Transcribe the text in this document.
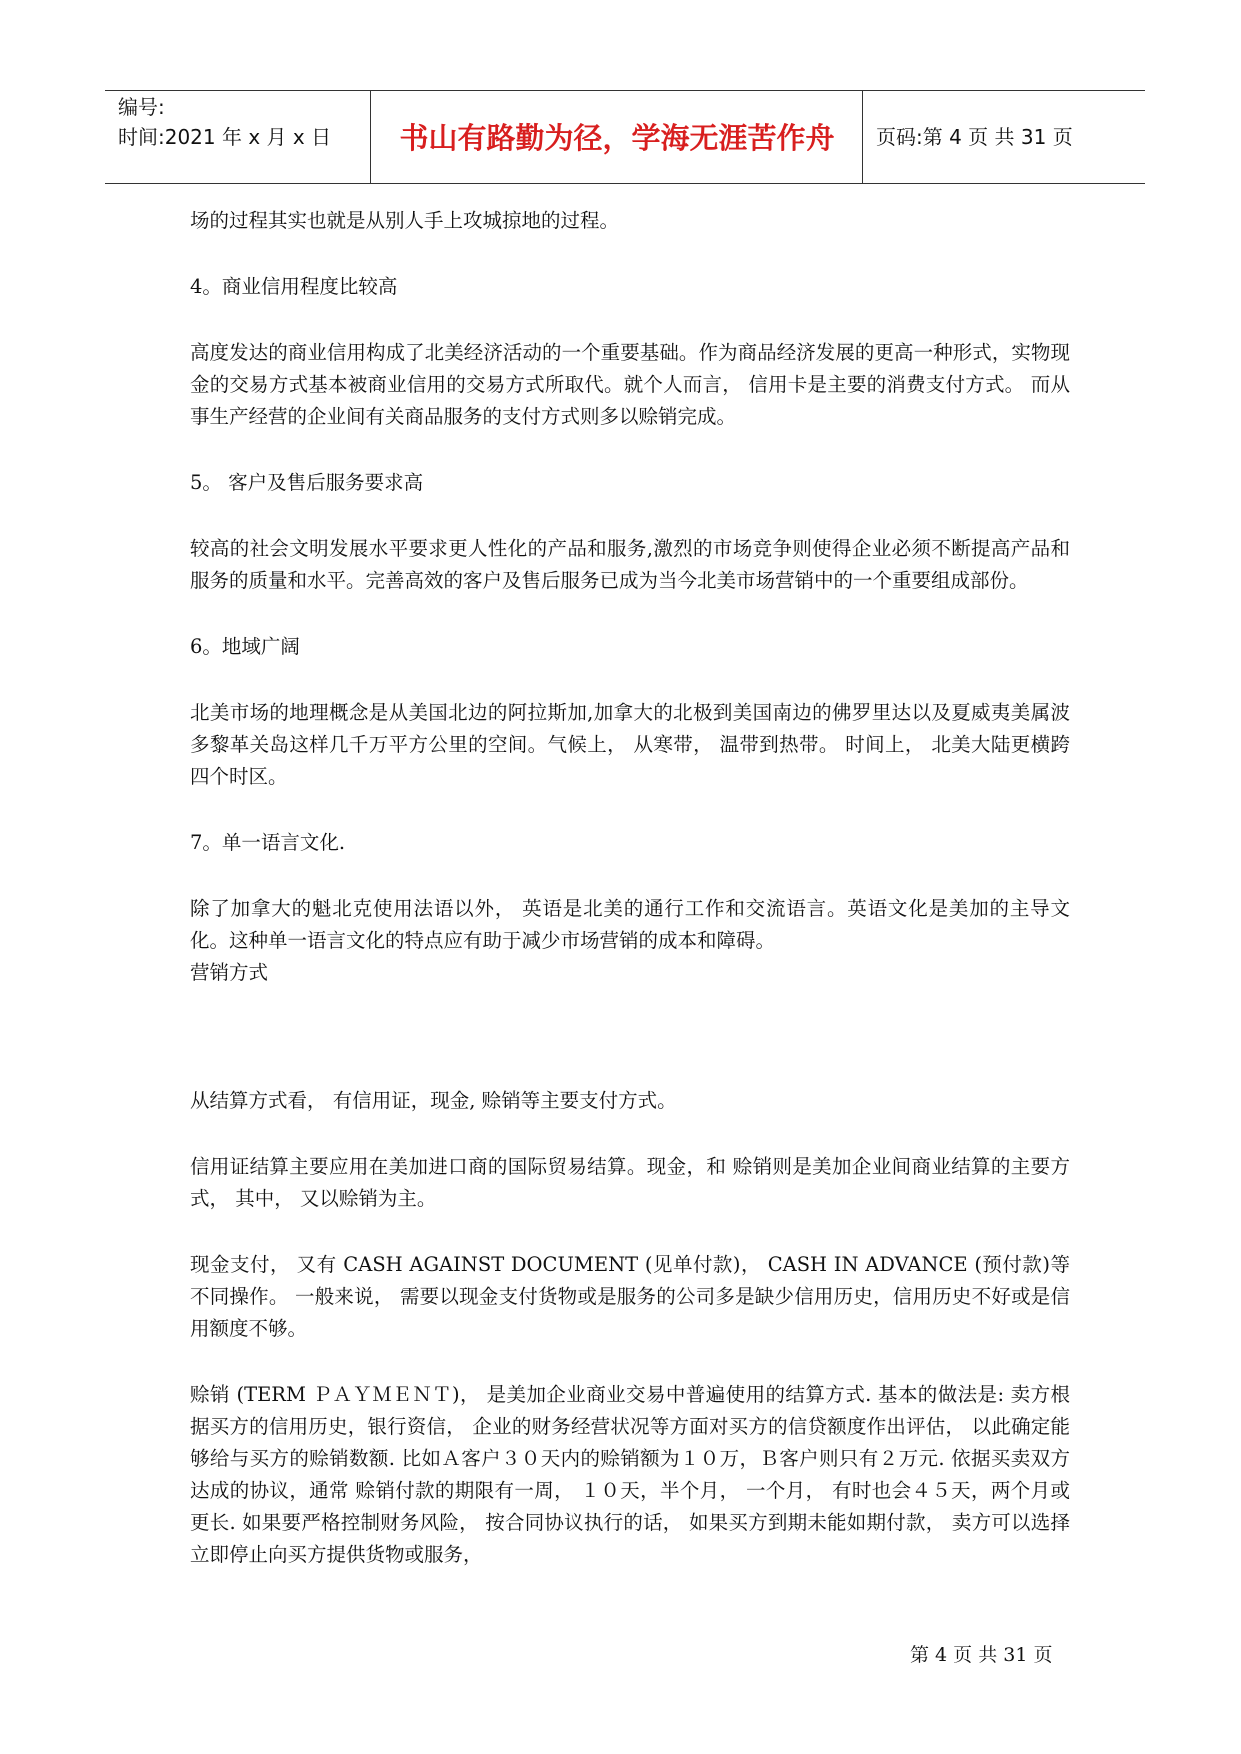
编号:
时间:2021 年 x 月 x 日	书山有路勤为径，学海无涯苦作舟	页码:第 4 页 共 31 页

场的过程其实也就是从别人手上攻城掠地的过程。

4。商业信用程度比较高

高度发达的商业信用构成了北美经济活动的一个重要基础。作为商品经济发展的更高一种形式，实物现金的交易方式基本被商业信用的交易方式所取代。就个人而言， 信用卡是主要的消费支付方式。 而从事生产经营的企业间有关商品服务的支付方式则多以赊销完成。

5。 客户及售后服务要求高

较高的社会文明发展水平要求更人性化的产品和服务,激烈的市场竞争则使得企业必须不断提高产品和服务的质量和水平。完善高效的客户及售后服务已成为当今北美市场营销中的一个重要组成部份。

6。地域广阔

北美市场的地理概念是从美国北边的阿拉斯加,加拿大的北极到美国南边的佛罗里达以及夏威夷美属波多黎革关岛这样几千万平方公里的空间。气候上， 从寒带， 温带到热带。 时间上， 北美大陆更横跨四个时区。

7。单一语言文化.

除了加拿大的魁北克使用法语以外， 英语是北美的通行工作和交流语言。英语文化是美加的主导文化。这种单一语言文化的特点应有助于减少市场营销的成本和障碍。

营销方式

从结算方式看， 有信用证，现金, 赊销等主要支付方式。

信用证结算主要应用在美加进口商的国际贸易结算。现金，和 赊销则是美加企业间商业结算的主要方式， 其中， 又以赊销为主。

现金支付， 又有 CASH AGAINST DOCUMENT (见单付款)， CASH IN ADVANCE (预付款)等不同操作。 一般来说， 需要以现金支付货物或是服务的公司多是缺少信用历史，信用历史不好或是信用额度不够。

赊销 (TERM ＰＡＹＭＥＮＴ)， 是美加企业商业交易中普遍使用的结算方式. 基本的做法是: 卖方根据买方的信用历史，银行资信， 企业的财务经营状况等方面对买方的信贷额度作出评估， 以此确定能够给与买方的赊销数额. 比如Ａ客户３０天内的赊销额为１０万，Ｂ客户则只有２万元. 依据买卖双方达成的协议，通常 赊销付款的期限有一周， １０天，半个月， 一个月， 有时也会４５天，两个月或更长. 如果要严格控制财务风险， 按合同协议执行的话， 如果买方到期未能如期付款， 卖方可以选择立即停止向买方提供货物或服务，

第 4 页 共 31 页
